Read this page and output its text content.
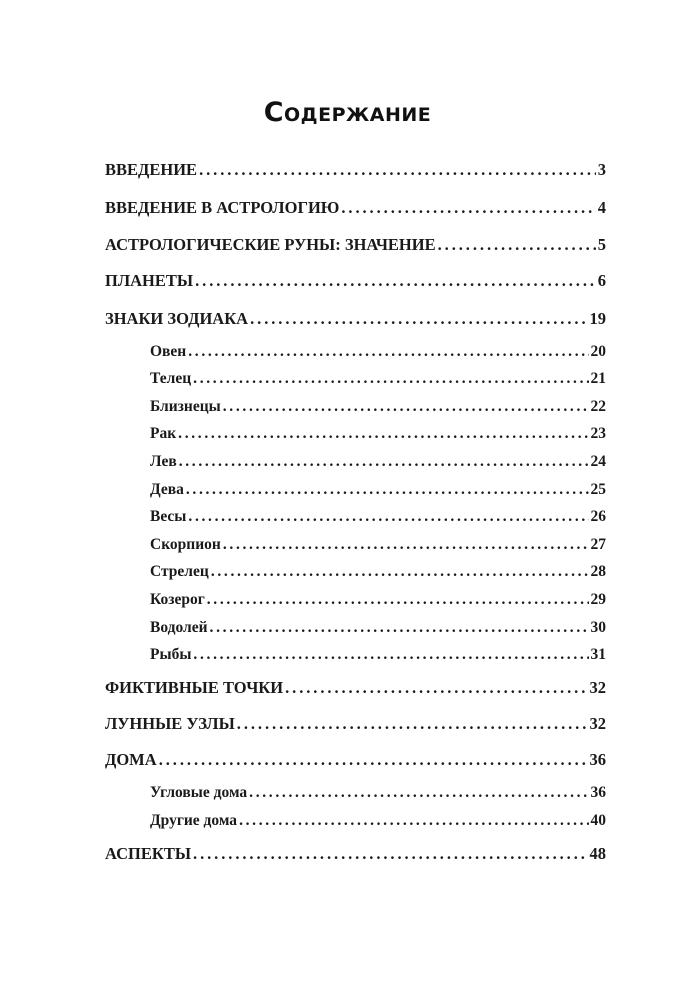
Содержание
ВВЕДЕНИЕ . . .	3
ВВЕДЕНИЕ В АСТРОЛОГИЮ . . .	4
АСТРОЛОГИЧЕСКИЕ РУНЫ: ЗНАЧЕНИЕ . . .	5
ПЛАНЕТЫ . . .	6
ЗНАКИ ЗОДИАКА . . .	19
Овен . . .	20
Телец . . .	21
Близнецы . . .	22
Рак . . .	23
Лев . . .	24
Дева . . .	25
Весы . . .	26
Скорпион . . .	27
Стрелец . . .	28
Козерог . . .	29
Водолей . . .	30
Рыбы . . .	31
ФИКТИВНЫЕ ТОЧКИ . . .	32
ЛУННЫЕ УЗЛЫ . . .	32
ДОМА . . .	36
Угловые дома . . .	36
Другие дома . . .	40
АСПЕКТЫ . . .	48
